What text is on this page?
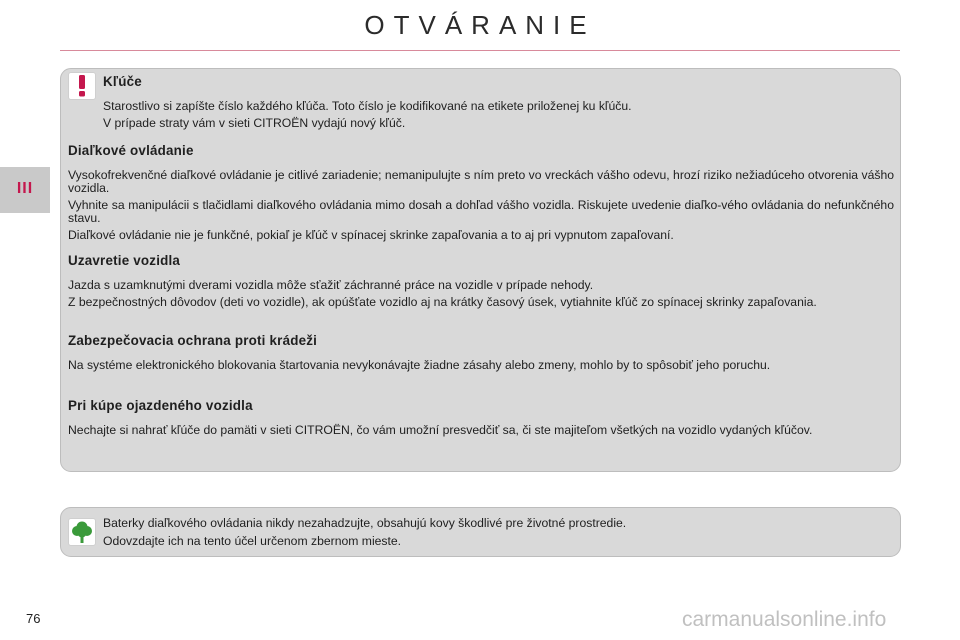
OTVÁRANIE
III
Kľúče
Starostlivo si zapíšte číslo každého kľúča. Toto číslo je kodifikované na etikete priloženej ku kľúču.
V prípade straty vám v sieti CITROËN vydajú nový kľúč.
Diaľkové ovládanie
Vysokofrekvenčné diaľkové ovládanie je citlivé zariadenie; nemanipulujte s ním preto vo vreckách vášho odevu, hrozí riziko nežiadúceho otvorenia vášho vozidla.
Vyhnite sa manipulácii s tlačidlami diaľkového ovládania mimo dosah a dohľad vášho vozidla. Riskujete uvedenie diaľko-vého ovládania do nefunkčného stavu.
Diaľkové ovládanie nie je funkčné, pokiaľ je kľúč v spínacej skrinke zapaľovania a to aj pri vypnutom zapaľovaní.
Uzavretie vozidla
Jazda s uzamknutými dverami vozidla môže sťažiť záchranné práce na vozidle v prípade nehody.
Z bezpečnostných dôvodov (deti vo vozidle), ak opúšťate vozidlo aj na krátky časový úsek, vytiahnite kľúč zo spínacej skrinky zapaľovania.
Zabezpečovacia ochrana proti krádeži
Na systéme elektronického blokovania štartovania nevykonávajte žiadne zásahy alebo zmeny, mohlo by to spôsobiť jeho poruchu.
Pri kúpe ojazdeného vozidla
Nechajte si nahrať kľúče do pamäti v sieti CITROËN, čo vám umožní presvedčiť sa, či ste majiteľom všetkých na vozidlo vydaných kľúčov.
Baterky diaľkového ovládania nikdy nezahadzujte, obsahujú kovy škodlivé pre životné prostredie.
Odovzdajte ich na tento účel určenom zbernom mieste.
76	carmanualsonline.info
